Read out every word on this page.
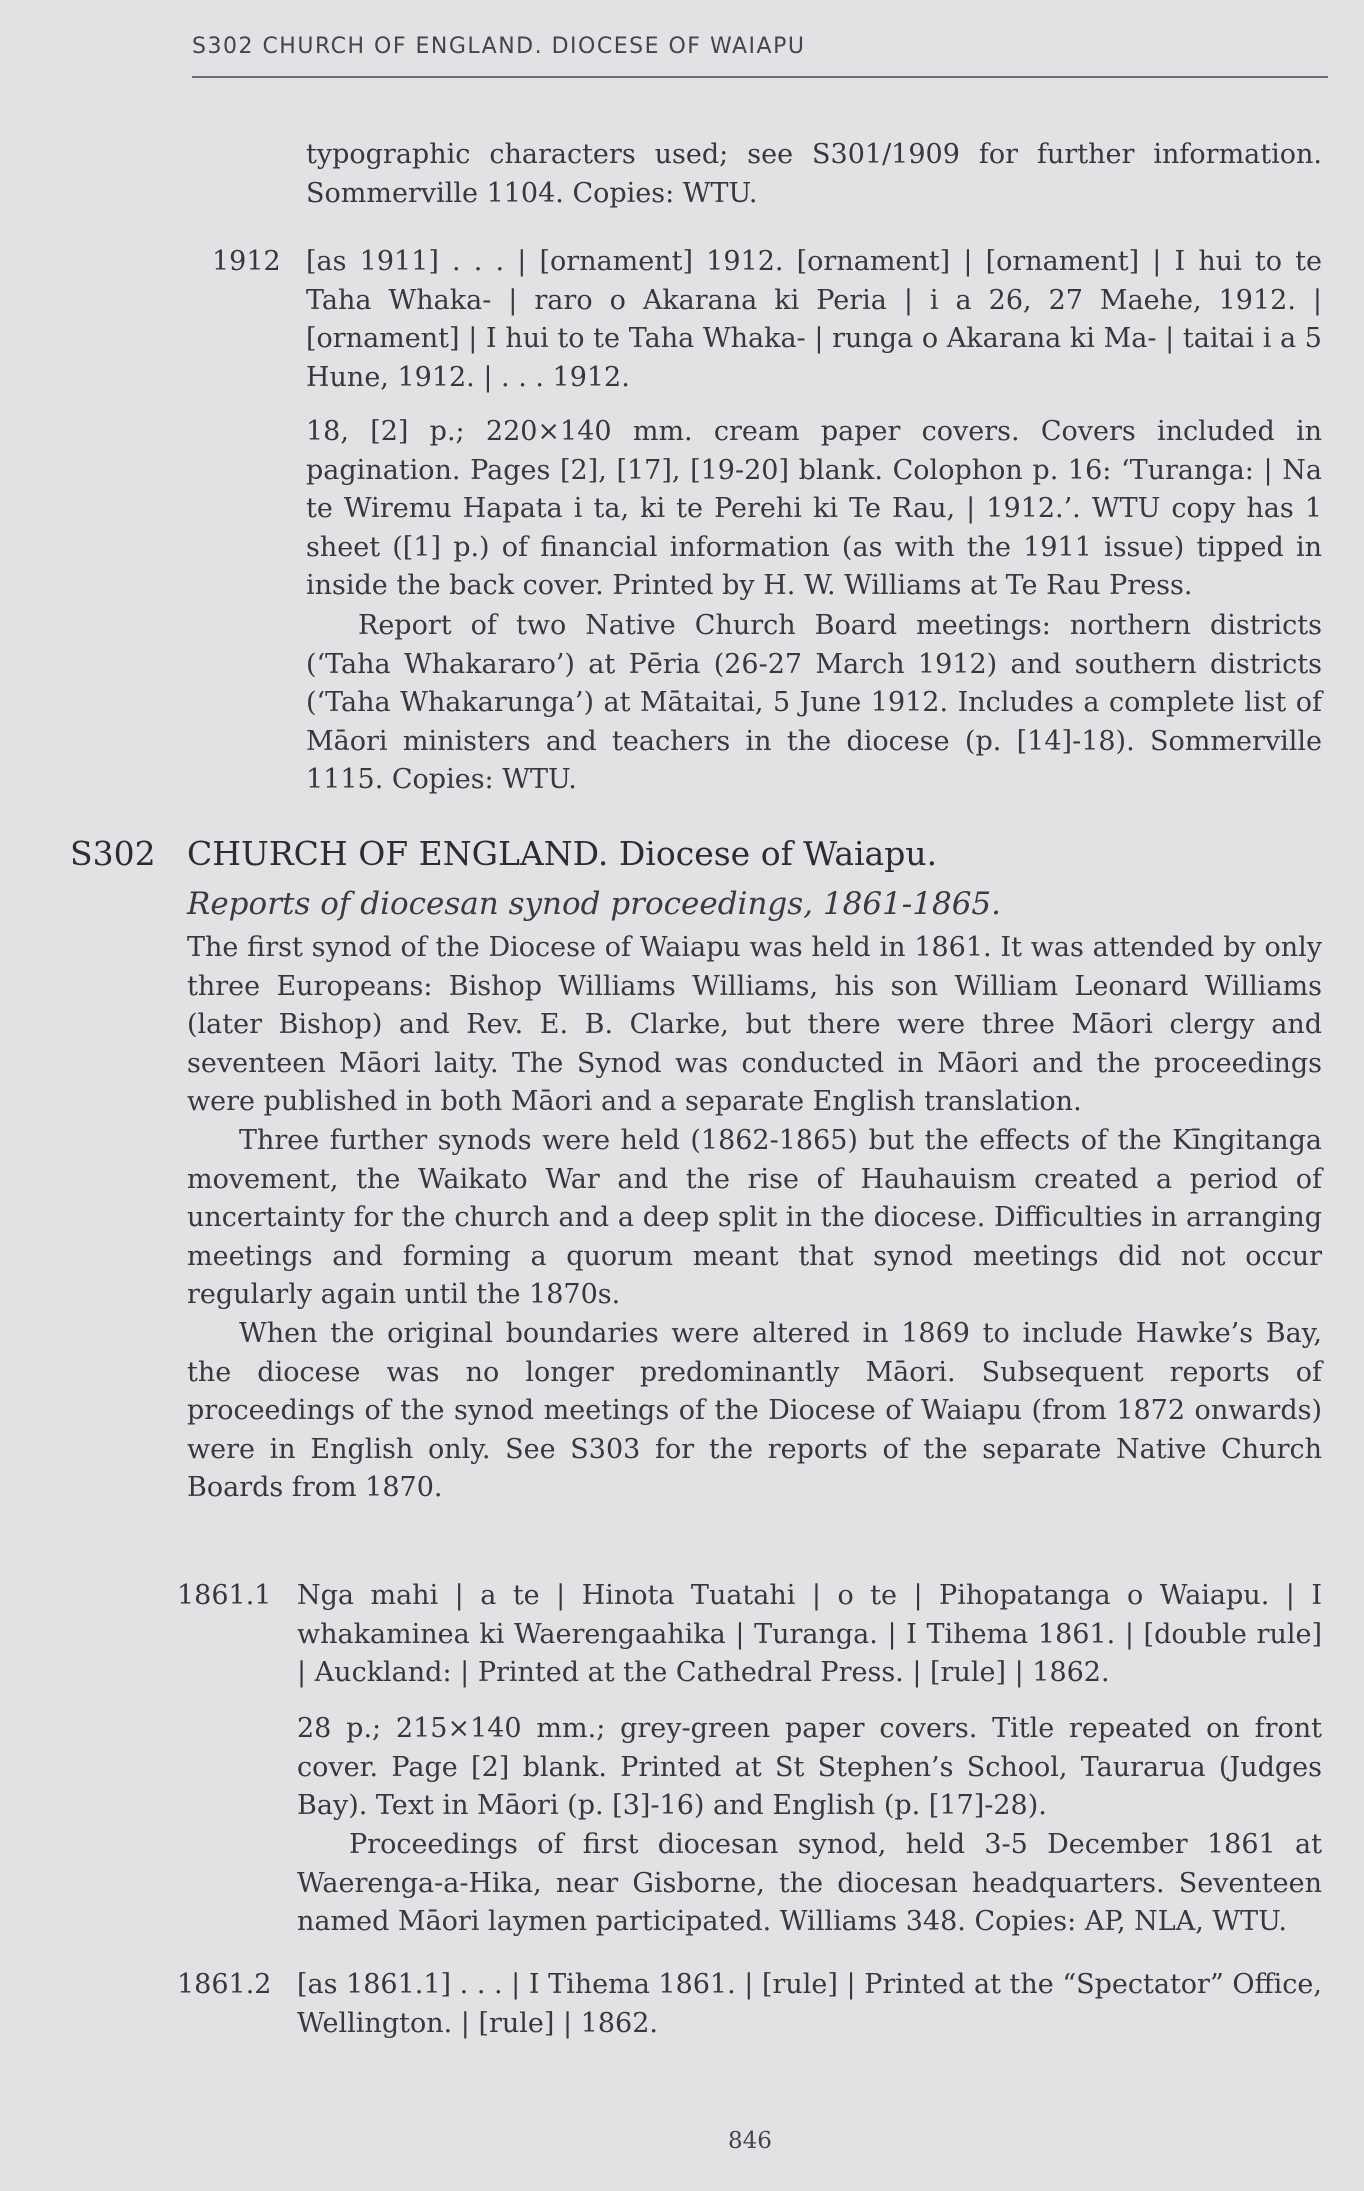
S302 CHURCH OF ENGLAND. DIOCESE OF WAIAPU

typographic characters used; see S301/1909 for further information. Sommerville 1104. Copies: WTU.

1912 [as 1911] . . . | [ornament] 1912. [ornament] | [ornament] | I hui to te Taha Whaka- | raro o Akarana ki Peria | i a 26, 27 Maehe, 1912. | [ornament] | I hui to te Taha Whaka- | runga o Akarana ki Ma- | taitai i a 5 Hune, 1912. | . . . 1912.

18, [2] p.; 220×140 mm. cream paper covers. Covers included in pagination. Pages [2], [17], [19-20] blank. Colophon p. 16: ‘Turanga: | Na te Wiremu Hapata i ta, ki te Perehi ki Te Rau, | 1912.’. WTU copy has 1 sheet ([1] p.) of financial information (as with the 1911 issue) tipped in inside the back cover. Printed by H. W. Williams at Te Rau Press.

Report of two Native Church Board meetings: northern districts (‘Taha Whakararo’) at Pēria (26-27 March 1912) and southern districts (‘Taha Whakarunga’) at Mātaitai, 5 June 1912. Includes a complete list of Māori ministers and teachers in the diocese (p. [14]-18). Sommerville 1115. Copies: WTU.

S302 CHURCH OF ENGLAND. Diocese of Waiapu.
Reports of diocesan synod proceedings, 1861-1865.

The first synod of the Diocese of Waiapu was held in 1861. It was attended by only three Europeans: Bishop Williams Williams, his son William Leonard Williams (later Bishop) and Rev. E. B. Clarke, but there were three Māori clergy and seventeen Māori laity. The Synod was conducted in Māori and the proceedings were published in both Māori and a separate English translation.

Three further synods were held (1862-1865) but the effects of the Kīngitanga movement, the Waikato War and the rise of Hauhauism created a period of uncertainty for the church and a deep split in the diocese. Difficulties in arranging meetings and forming a quorum meant that synod meetings did not occur regularly again until the 1870s.

When the original boundaries were altered in 1869 to include Hawke’s Bay, the diocese was no longer predominantly Māori. Subsequent reports of proceedings of the synod meetings of the Diocese of Waiapu (from 1872 onwards) were in English only. See S303 for the reports of the separate Native Church Boards from 1870.

1861.1 Nga mahi | a te | Hinota Tuatahi | o te | Pihopatanga o Waiapu. | I whakaminea ki Waerengaahika | Turanga. | I Tihema 1861. | [double rule] | Auckland: | Printed at the Cathedral Press. | [rule] | 1862.

28 p.; 215×140 mm.; grey-green paper covers. Title repeated on front cover. Page [2] blank. Printed at St Stephen’s School, Taurarua (Judges Bay). Text in Māori (p. [3]-16) and English (p. [17]-28).

Proceedings of first diocesan synod, held 3-5 December 1861 at Waerenga-a-Hika, near Gisborne, the diocesan headquarters. Seventeen named Māori laymen participated. Williams 348. Copies: AP, NLA, WTU.

1861.2 [as 1861.1] . . . | I Tihema 1861. | [rule] | Printed at the “Spectator” Office, Wellington. | [rule] | 1862.

846
